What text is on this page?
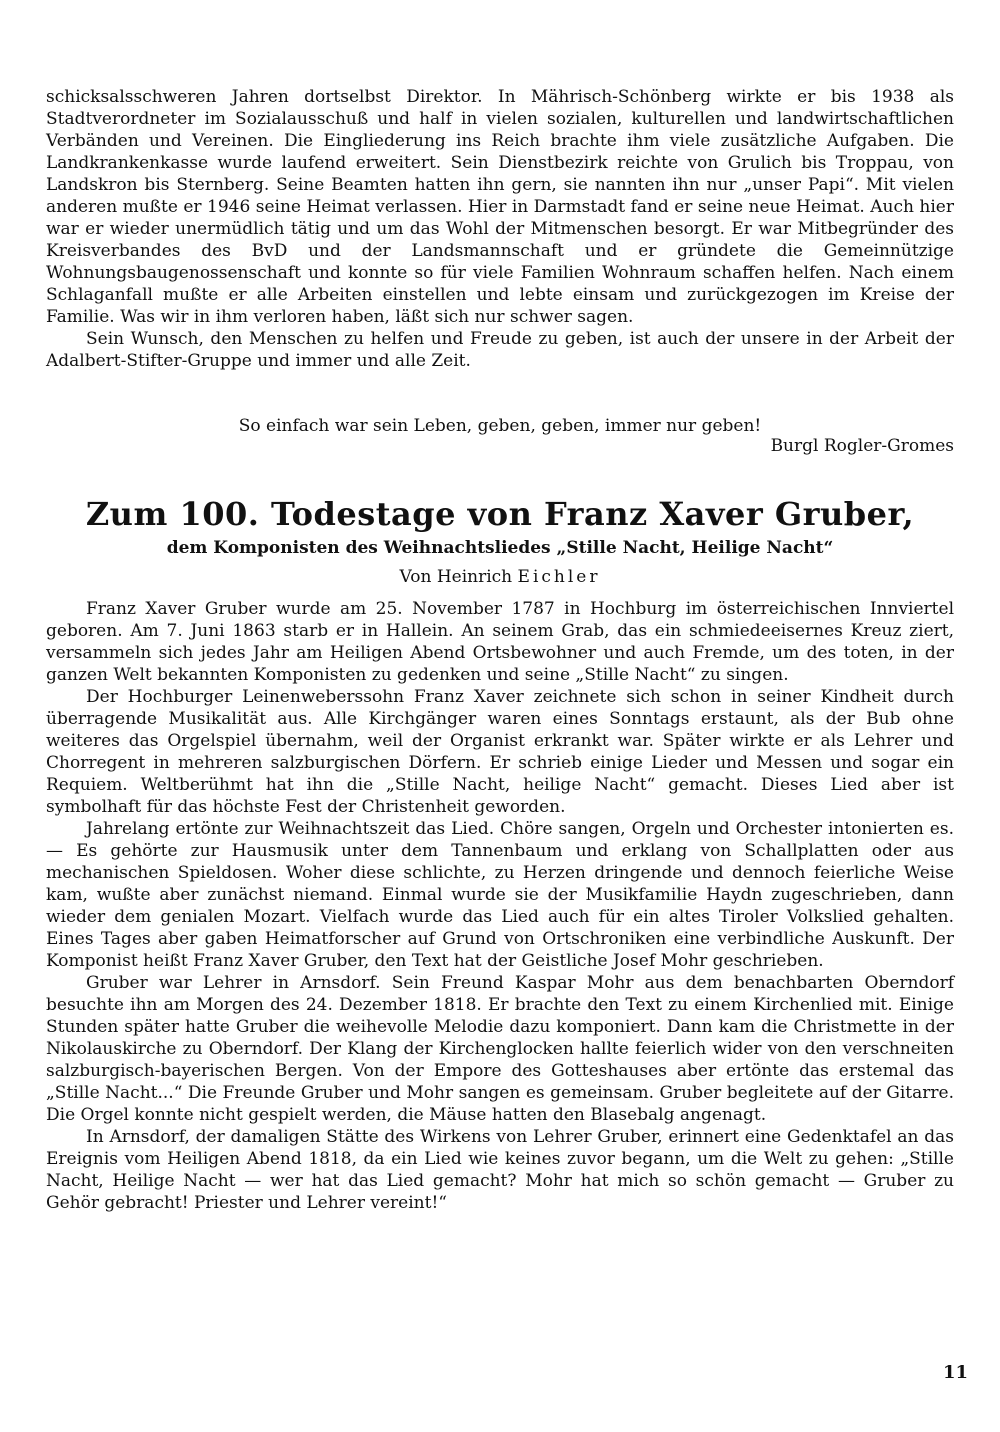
schicksalsschweren Jahren dortselbst Direktor. In Mährisch-Schönberg wirkte er bis 1938 als Stadtverordneter im Sozialausschuß und half in vielen sozialen, kulturellen und landwirtschaftlichen Verbänden und Vereinen. Die Eingliederung ins Reich brachte ihm viele zusätzliche Aufgaben. Die Landkrankenkasse wurde laufend erweitert. Sein Dienstbezirk reichte von Grulich bis Troppau, von Landskron bis Sternberg. Seine Beamten hatten ihn gern, sie nannten ihn nur „unser Papi“. Mit vielen anderen mußte er 1946 seine Heimat verlassen. Hier in Darmstadt fand er seine neue Heimat. Auch hier war er wieder unermüdlich tätig und um das Wohl der Mitmenschen besorgt. Er war Mitbegründer des Kreisverbandes des BvD und der Landsmannschaft und er gründete die Gemeinnützige Wohnungsbaugenossenschaft und konnte so für viele Familien Wohnraum schaffen helfen. Nach einem Schlaganfall mußte er alle Arbeiten einstellen und lebte einsam und zurückgezogen im Kreise der Familie. Was wir in ihm verloren haben, läßt sich nur schwer sagen.

Sein Wunsch, den Menschen zu helfen und Freude zu geben, ist auch der unsere in der Arbeit der Adalbert-Stifter-Gruppe und immer und alle Zeit.

So einfach war sein Leben, geben, geben, immer nur geben!

Burgl Rogler-Gromes

Zum 100. Todestage von Franz Xaver Gruber,
dem Komponisten des Weihnachtsliedes „Stille Nacht, Heilige Nacht“

Von Heinrich Eichler

Franz Xaver Gruber wurde am 25. November 1787 in Hochburg im österreichischen Innviertel geboren. Am 7. Juni 1863 starb er in Hallein. An seinem Grab, das ein schmiedeeisernes Kreuz ziert, versammeln sich jedes Jahr am Heiligen Abend Ortsbewohner und auch Fremde, um des toten, in der ganzen Welt bekannten Komponisten zu gedenken und seine „Stille Nacht“ zu singen.

Der Hochburger Leinenweberssohn Franz Xaver zeichnete sich schon in seiner Kindheit durch überragende Musikalität aus. Alle Kirchgänger waren eines Sonntags erstaunt, als der Bub ohne weiteres das Orgelspiel übernahm, weil der Organist erkrankt war. Später wirkte er als Lehrer und Chorregent in mehreren salzburgischen Dörfern. Er schrieb einige Lieder und Messen und sogar ein Requiem. Weltberühmt hat ihn die „Stille Nacht, heilige Nacht“ gemacht. Dieses Lied aber ist symbolhaft für das höchste Fest der Christenheit geworden.

Jahrelang ertönte zur Weihnachtszeit das Lied. Chöre sangen, Orgeln und Orchester intonierten es. — Es gehörte zur Hausmusik unter dem Tannenbaum und erklang von Schallplatten oder aus mechanischen Spieldosen. Woher diese schlichte, zu Herzen dringende und dennoch feierliche Weise kam, wußte aber zunächst niemand. Einmal wurde sie der Musikfamilie Haydn zugeschrieben, dann wieder dem genialen Mozart. Vielfach wurde das Lied auch für ein altes Tiroler Volkslied gehalten. Eines Tages aber gaben Heimatforscher auf Grund von Ortschroniken eine verbindliche Auskunft. Der Komponist heißt Franz Xaver Gruber, den Text hat der Geistliche Josef Mohr geschrieben.

Gruber war Lehrer in Arnsdorf. Sein Freund Kaspar Mohr aus dem benachbarten Oberndorf besuchte ihn am Morgen des 24. Dezember 1818. Er brachte den Text zu einem Kirchenlied mit. Einige Stunden später hatte Gruber die weihevolle Melodie dazu komponiert. Dann kam die Christmette in der Nikolauskirche zu Oberndorf. Der Klang der Kirchenglocken hallte feierlich wider von den verschneiten salzburgisch-bayerischen Bergen. Von der Empore des Gotteshauses aber ertönte das erstemal das „Stille Nacht...“ Die Freunde Gruber und Mohr sangen es gemeinsam. Gruber begleitete auf der Gitarre. Die Orgel konnte nicht gespielt werden, die Mäuse hatten den Blasebalg angenagt.

In Arnsdorf, der damaligen Stätte des Wirkens von Lehrer Gruber, erinnert eine Gedenktafel an das Ereignis vom Heiligen Abend 1818, da ein Lied wie keines zuvor begann, um die Welt zu gehen: „Stille Nacht, Heilige Nacht — wer hat das Lied gemacht? Mohr hat mich so schön gemacht — Gruber zu Gehör gebracht! Priester und Lehrer vereint!“

11
